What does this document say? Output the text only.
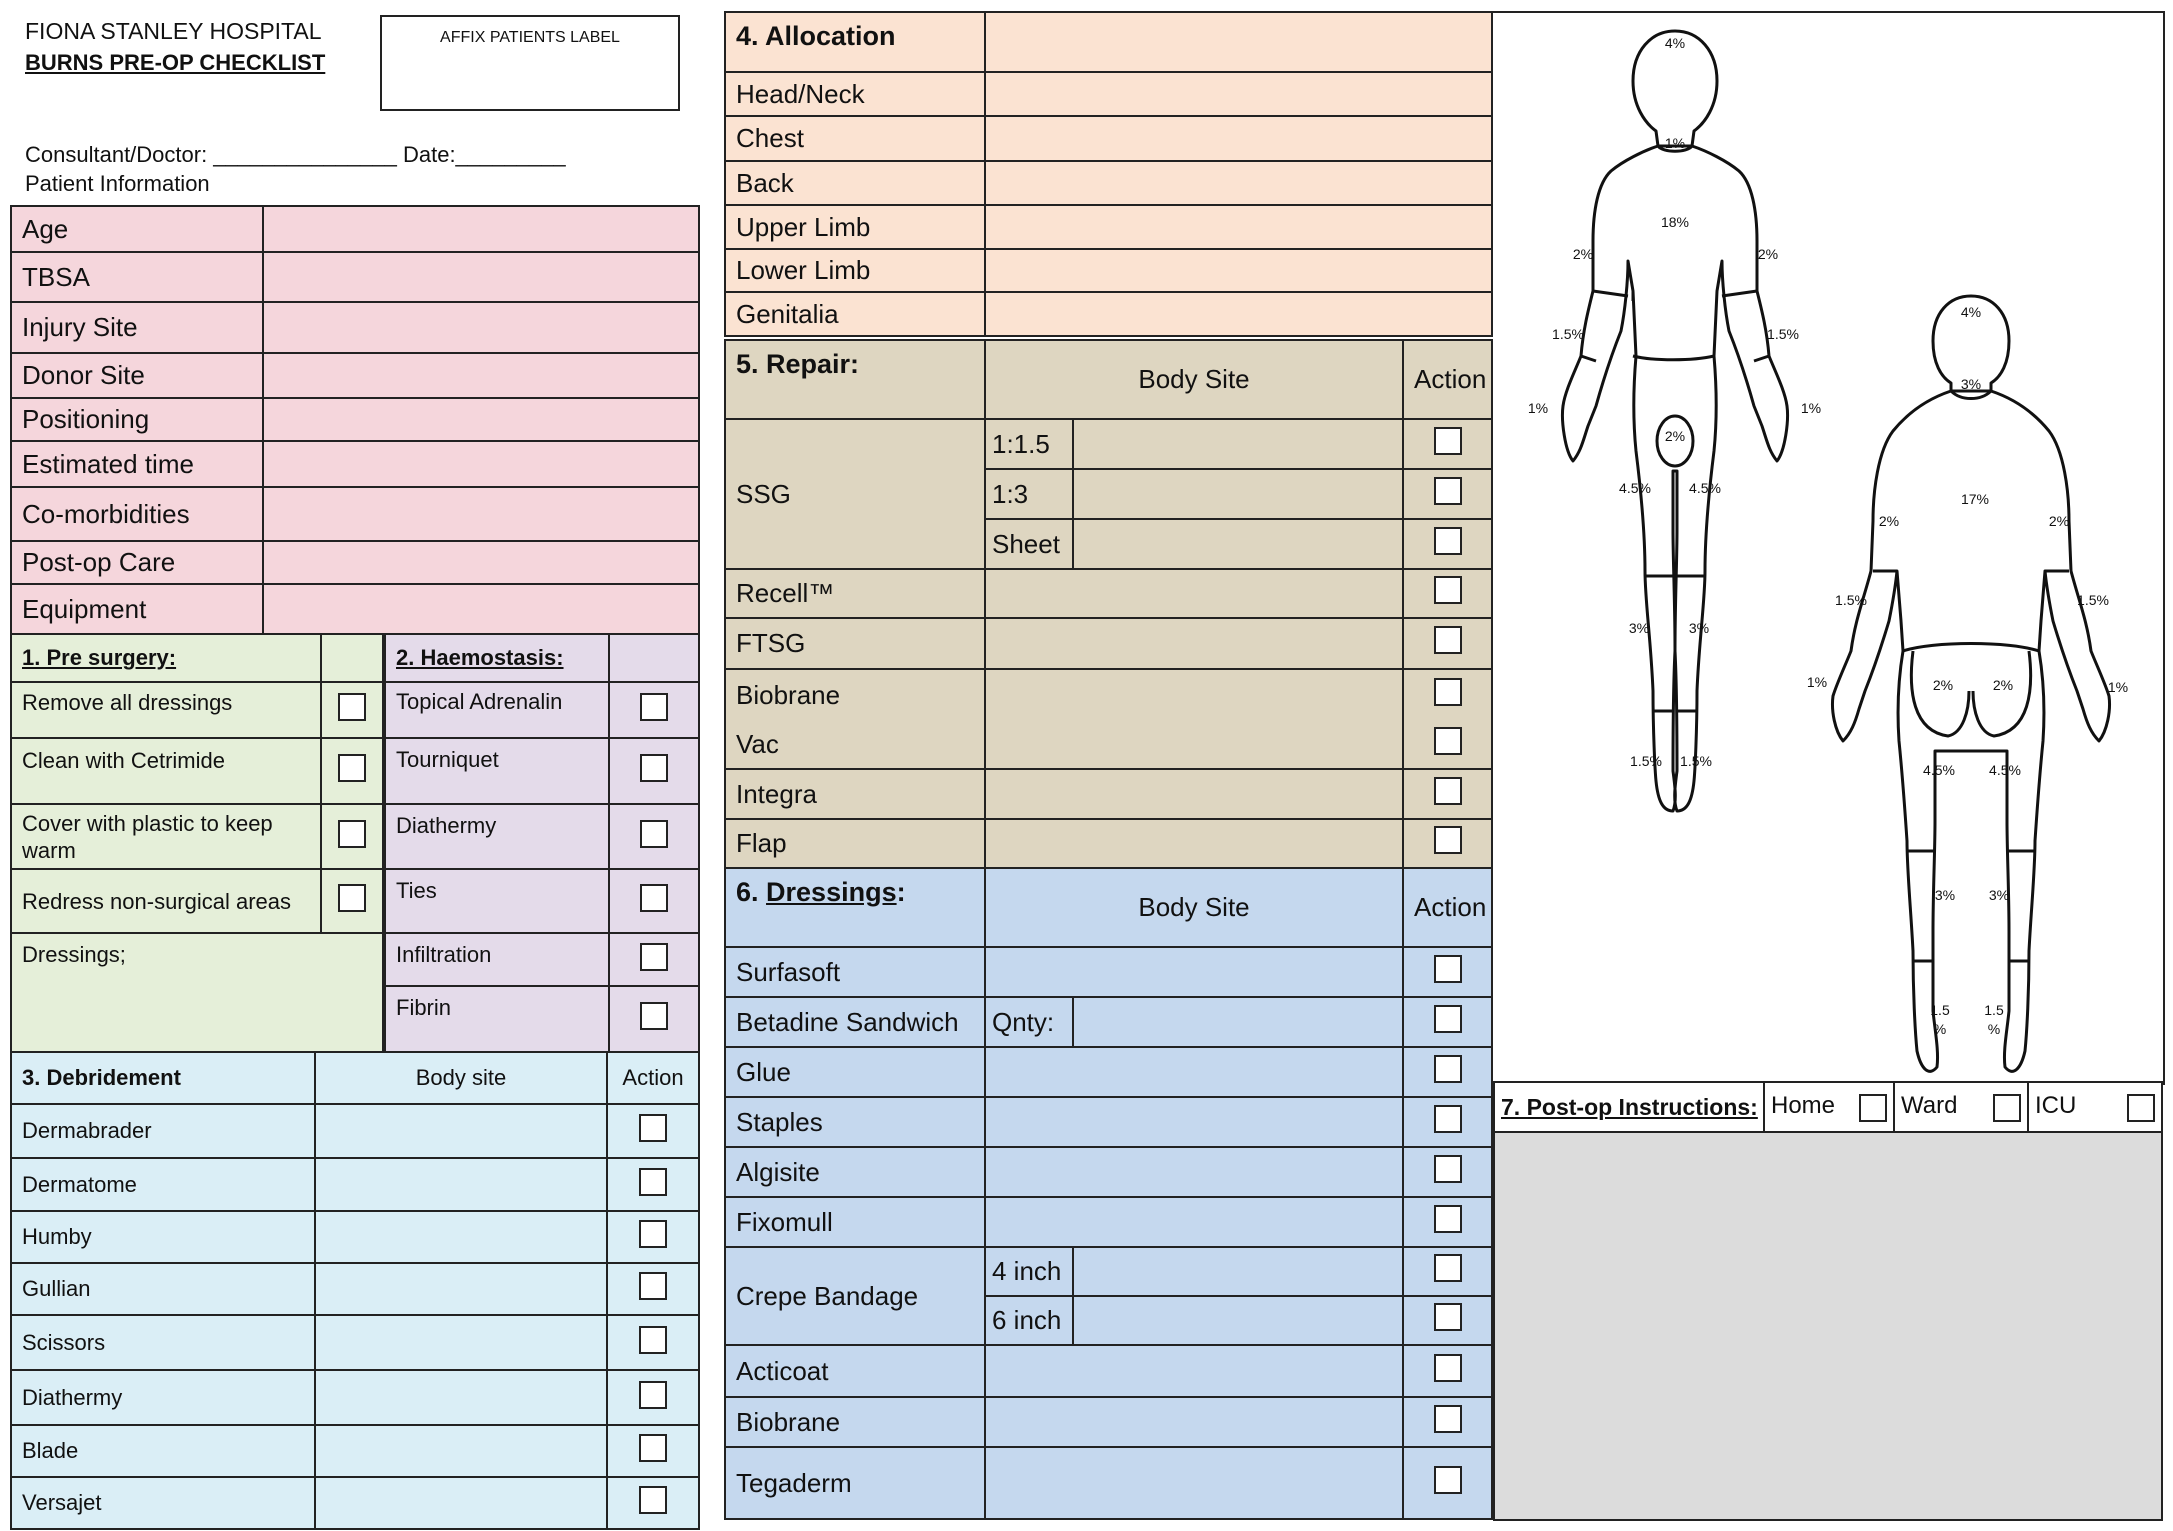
FIONA STANLEY HOSPITAL
BURNS PRE-OP CHECKLIST
AFFIX PATIENTS LABEL
Consultant/Doctor: _______________ Date:_________
Patient Information
Age	
TBSA	
Injury Site	
Donor Site	
Positioning	
Estimated time	
Co-morbidities	
Post-op Care	
Equipment	
1. Pre surgery:	
Remove all dressings	
Clean with Cetrimide	
Cover with plastic to keep warm	
Redress non-surgical areas	
Dressings;	
2. Haemostasis:	
Topical Adrenalin	
Tourniquet	
Diathermy	
Ties	
Infiltration	
Fibrin	
3. Debridement	Body site	Action
Dermabrader		
Dermatome		
Humby		
Gullian		
Scissors		
Diathermy		
Blade		
Versajet		
4. Allocation	
Head/Neck	
Chest	
Back	
Upper Limb	
Lower Limb	
Genitalia	
5. Repair:	Body Site		Action
SSG	1:1.5		
	1:3		
	Sheet		
Recell™			
FTSG			
Biobrane			
Vac			
Integra			
Flap			
6. Dressings:	Body Site		Action
Surfasoft			
Betadine Sandwich	Qnty:		
Glue			
Staples			
Algisite			
Fixomull			
Crepe Bandage	4 inch		
	6 inch		
Acticoat			
Biobrane			
Tegaderm			
4%
1%
18%
2%	2%
1.5%	1.5%
1%	1%
2%
4.5%	4.5%
3%	3%
1.5% 1.5%
4%
3%
17%
2%	2%
1.5%	1.5%
1%	1%
2%	2%
4.5% 4.5%
3% 3%
1.5
%
1.5
%
7. Post-op Instructions:	Home	Ward	ICU
